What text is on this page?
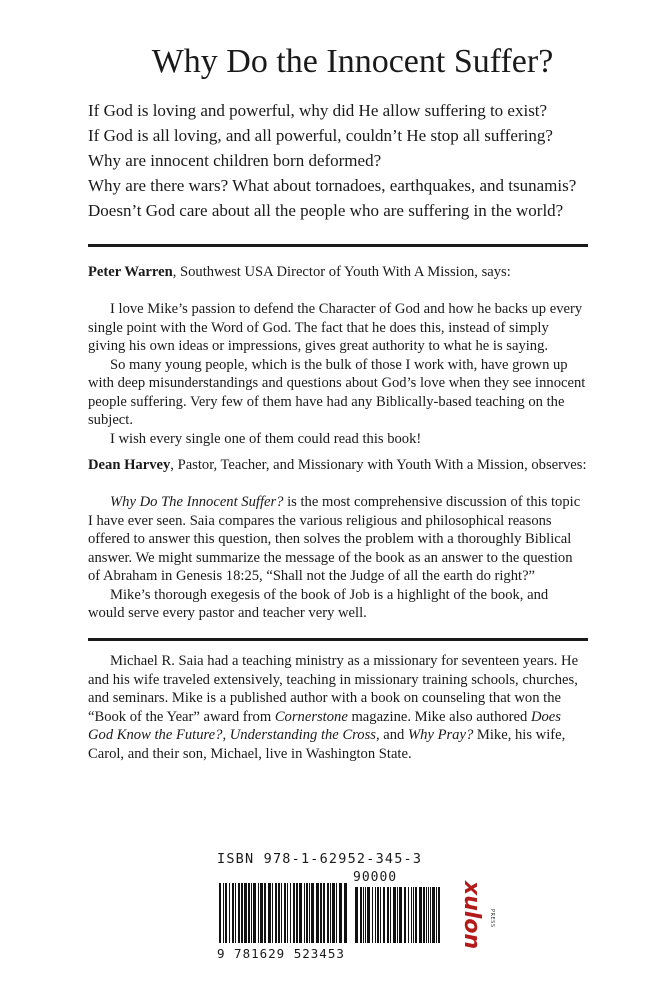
Why Do the Innocent Suffer?

If God is loving and powerful, why did He allow suffering to exist?

If God is all loving, and all powerful, couldn’t He stop all suffering?

Why are innocent children born deformed?

Why are there wars? What about tornadoes, earthquakes, and tsunamis?

Doesn’t God care about all the people who are suffering in the world?

Peter Warren, Southwest USA Director of Youth With A Mission, says:

I love Mike’s passion to defend the Character of God and how he backs up every single point with the Word of God. The fact that he does this, instead of simply giving his own ideas or impressions, gives great authority to what he is saying.

So many young people, which is the bulk of those I work with, have grown up with deep misunderstandings and questions about God’s love when they see innocent people suffering. Very few of them have had any Biblically-based teaching on the subject.

I wish every single one of them could read this book!

Dean Harvey, Pastor, Teacher, and Missionary with Youth With a Mission, observes:

Why Do The Innocent Suffer? is the most comprehensive discussion of this topic I have ever seen. Saia compares the various religious and philosophical reasons offered to answer this question, then solves the problem with a thoroughly Biblical answer. We might summarize the message of the book as an answer to the question of Abraham in Genesis 18:25, “Shall not the Judge of all the earth do right?”

Mike’s thorough exegesis of the book of Job is a highlight of the book, and would serve every pastor and teacher very well.

Michael R. Saia had a teaching ministry as a missionary for seventeen years. He and his wife traveled extensively, teaching in missionary training schools, churches, and seminars. Mike is a published author with a book on counseling that won the “Book of the Year” award from Cornerstone magazine. Mike also authored Does God Know the Future?, Understanding the Cross, and Why Pray? Mike, his wife, Carol, and their son, Michael, live in Washington State.

ISBN 978-1-62952-345-3
90000
9 781629 523453
xulon PRESS
